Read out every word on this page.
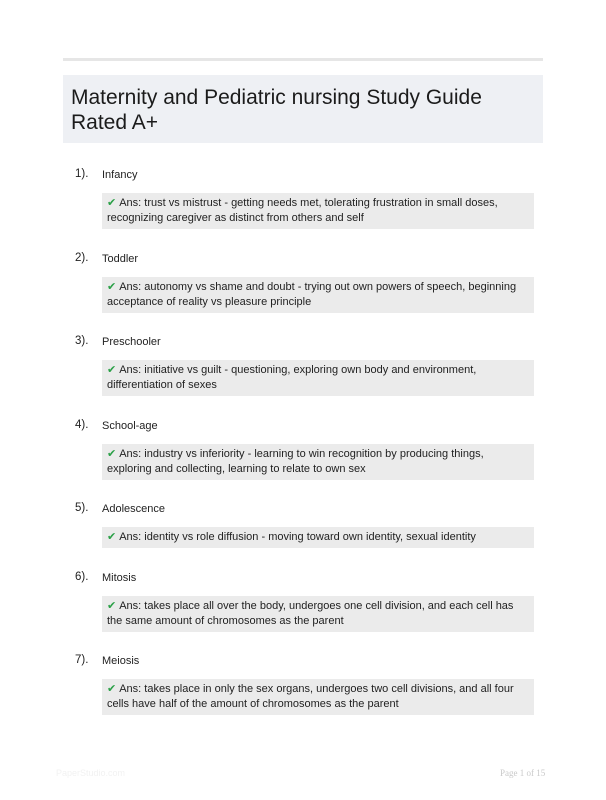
Maternity and Pediatric nursing Study Guide Rated A+
1). Infancy
✔ Ans: trust vs mistrust - getting needs met, tolerating frustration in small doses, recognizing caregiver as distinct from others and self
2). Toddler
✔ Ans: autonomy vs shame and doubt - trying out own powers of speech, beginning acceptance of reality vs pleasure principle
3). Preschooler
✔ Ans: initiative vs guilt - questioning, exploring own body and environment, differentiation of sexes
4). School-age
✔ Ans: industry vs inferiority - learning to win recognition by producing things, exploring and collecting, learning to relate to own sex
5). Adolescence
✔ Ans: identity vs role diffusion - moving toward own identity, sexual identity
6). Mitosis
✔ Ans: takes place all over the body, undergoes one cell division, and each cell has the same amount of chromosomes as the parent
7). Meiosis
✔ Ans: takes place in only the sex organs, undergoes two cell divisions, and all four cells have half of the amount of chromosomes as the parent
PaperStudio.com	Page 1 of 15
